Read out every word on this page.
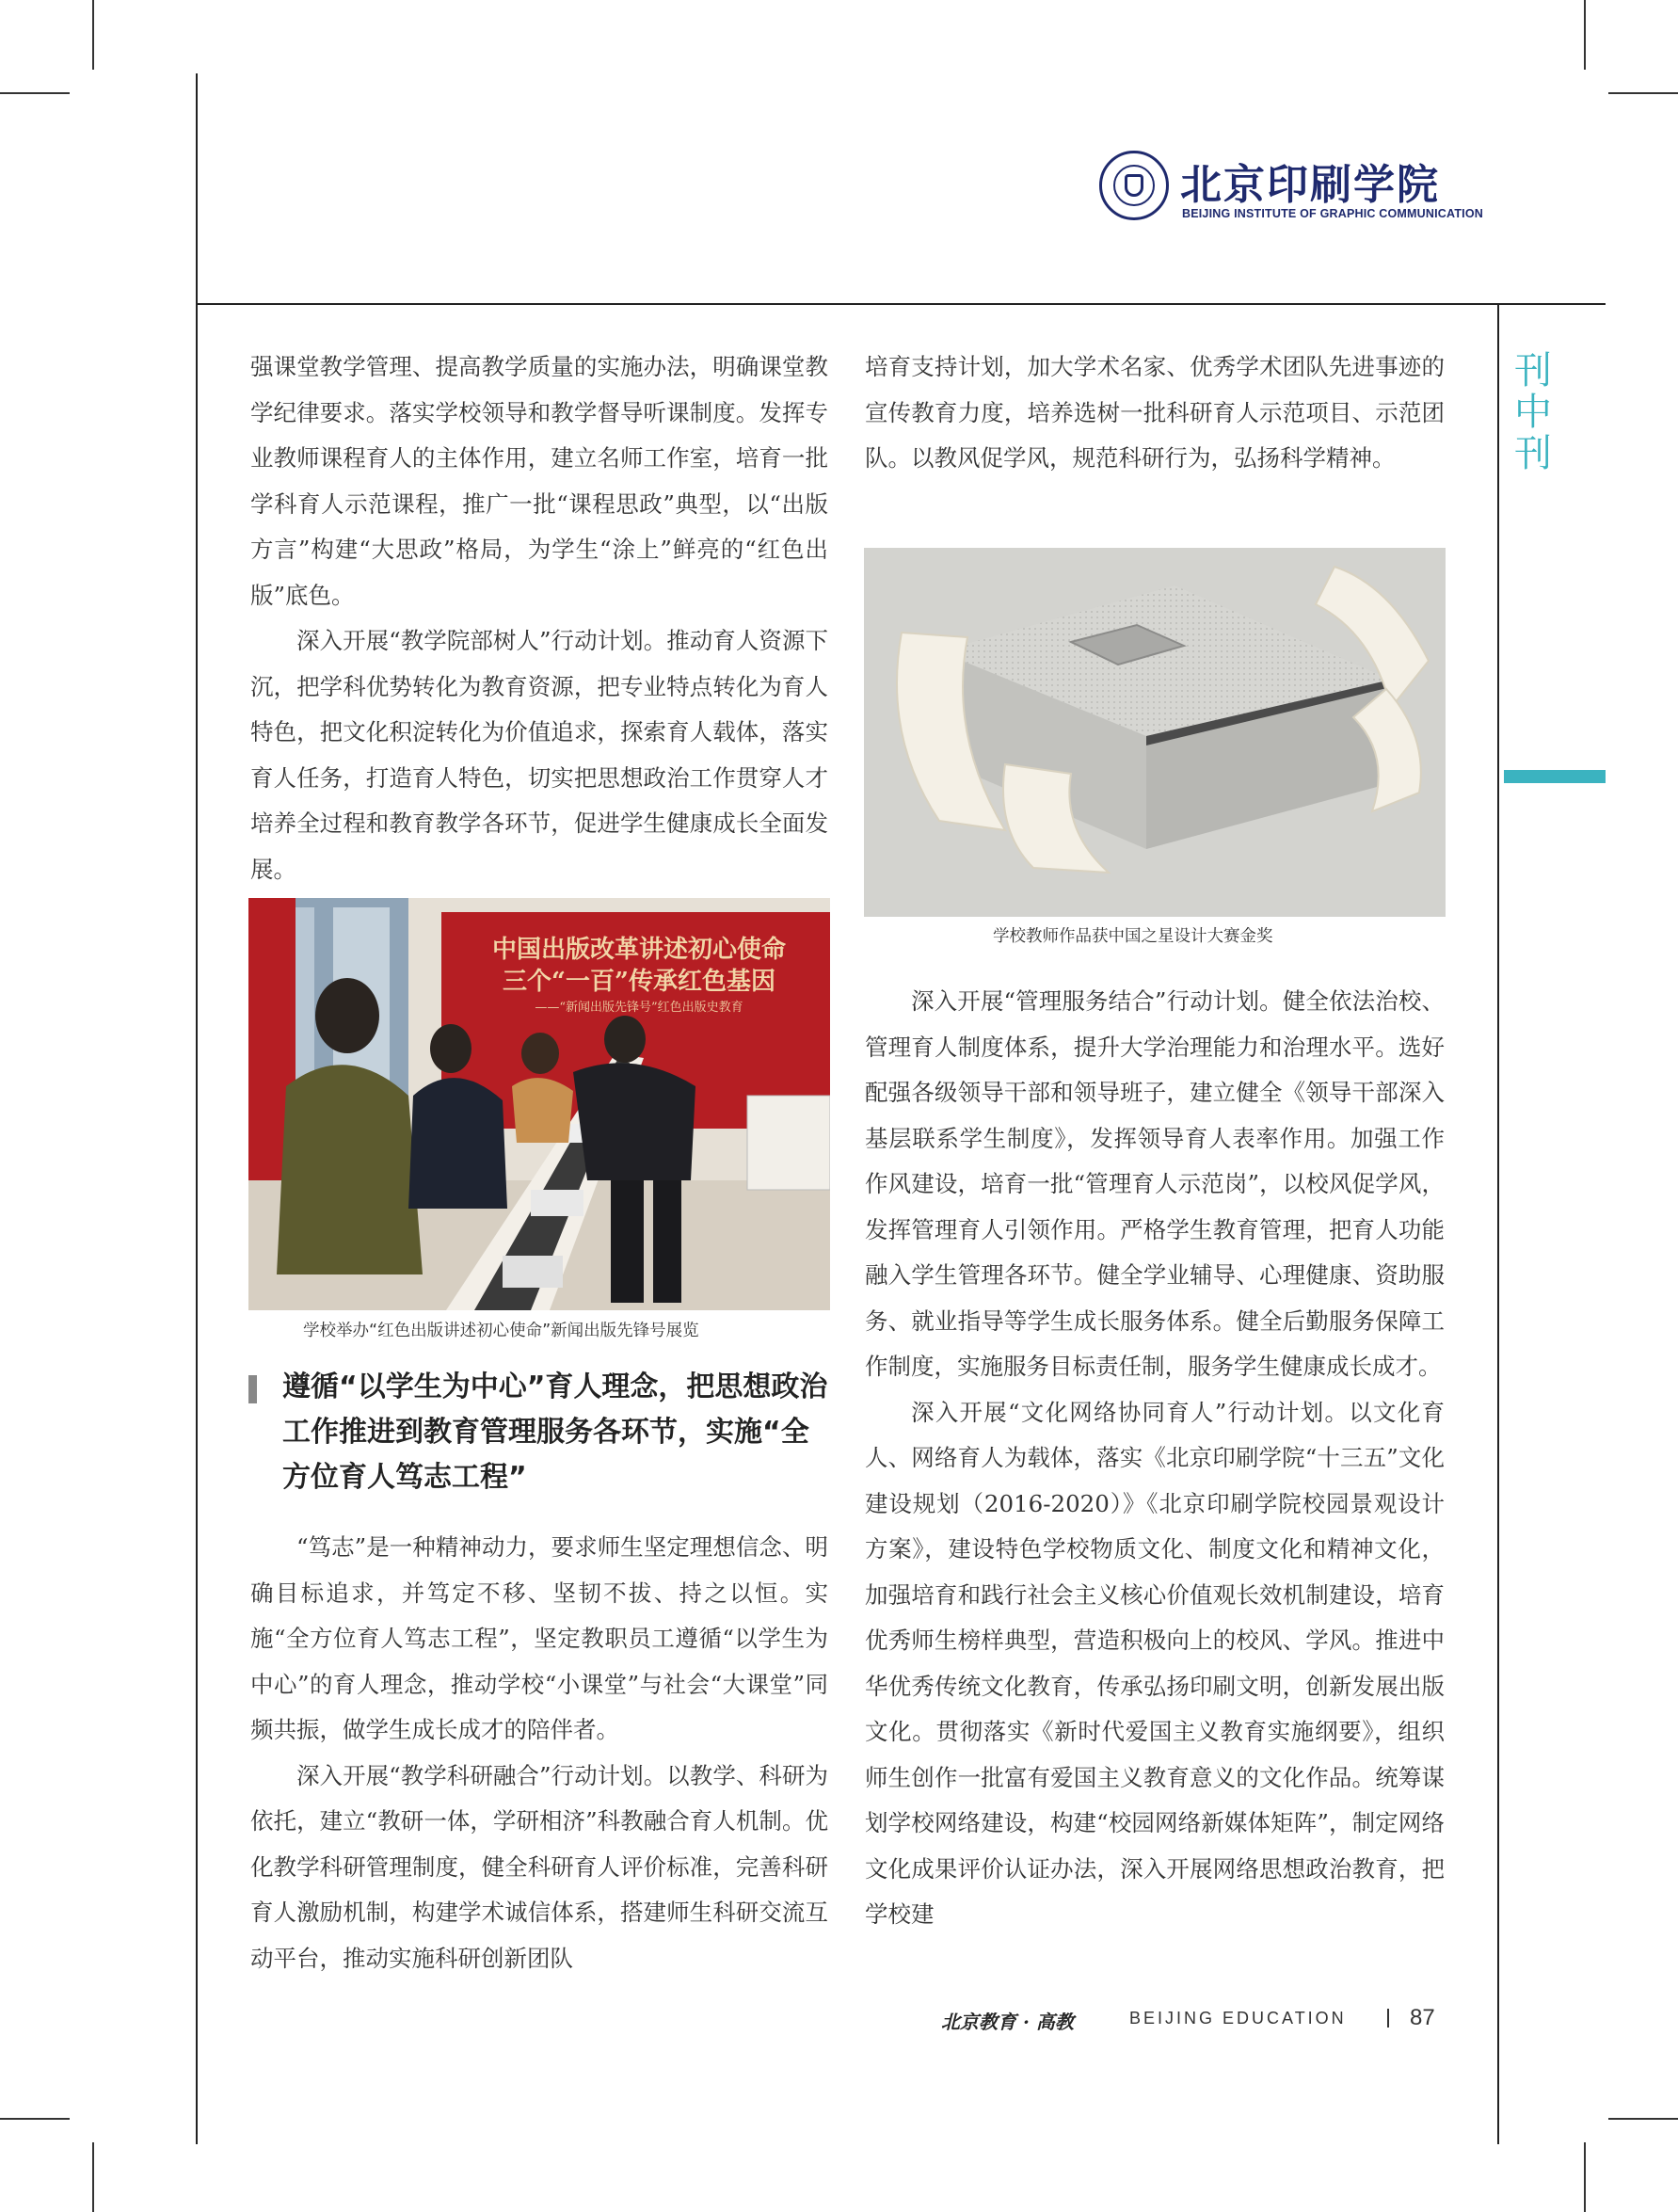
北京印刷学院
BEIJING INSTITUTE OF GRAPHIC COMMUNICATION
刊中刊

强课堂教学管理、提高教学质量的实施办法，明确课堂教学纪律要求。落实学校领导和教学督导听课制度。发挥专业教师课程育人的主体作用，建立名师工作室，培育一批学科育人示范课程，推广一批“课程思政”典型，以“出版方言”构建“大思政”格局，为学生“涂上”鲜亮的“红色出版”底色。

深入开展“教学院部树人”行动计划。推动育人资源下沉，把学科优势转化为教育资源，把专业特点转化为育人特色，把文化积淀转化为价值追求，探索育人载体，落实育人任务，打造育人特色，切实把思想政治工作贯穿人才培养全过程和教育教学各环节，促进学生健康成长全面发展。

中国出版改革讲述初心使命
三个“一百”传承红色基因
——“新闻出版先锋号”红色出版史教育
学校举办“红色出版讲述初心使命”新闻出版先锋号展览
遵循“以学生为中心”育人理念，把思想政治工作推进到教育管理服务各环节，实施“全方位育人笃志工程”

“笃志”是一种精神动力，要求师生坚定理想信念、明确目标追求，并笃定不移、坚韧不拔、持之以恒。实施“全方位育人笃志工程”，坚定教职员工遵循“以学生为中心”的育人理念，推动学校“小课堂”与社会“大课堂”同频共振，做学生成长成才的陪伴者。

深入开展“教学科研融合”行动计划。以教学、科研为依托，建立“教研一体，学研相济”科教融合育人机制。优化教学科研管理制度，健全科研育人评价标准，完善科研育人激励机制，构建学术诚信体系，搭建师生科研交流互动平台，推动实施科研创新团队

培育支持计划，加大学术名家、优秀学术团队先进事迹的宣传教育力度，培养选树一批科研育人示范项目、示范团队。以教风促学风，规范科研行为，弘扬科学精神。

学校教师作品获中国之星设计大赛金奖

深入开展“管理服务结合”行动计划。健全依法治校、管理育人制度体系，提升大学治理能力和治理水平。选好配强各级领导干部和领导班子，建立健全《领导干部深入基层联系学生制度》，发挥领导育人表率作用。加强工作作风建设，培育一批“管理育人示范岗”，以校风促学风，发挥管理育人引领作用。严格学生教育管理，把育人功能融入学生管理各环节。健全学业辅导、心理健康、资助服务、就业指导等学生成长服务体系。健全后勤服务保障工作制度，实施服务目标责任制，服务学生健康成长成才。

深入开展“文化网络协同育人”行动计划。以文化育人、网络育人为载体，落实《北京印刷学院“十三五”文化建设规划（2016-2020）》《北京印刷学院校园景观设计方案》，建设特色学校物质文化、制度文化和精神文化，加强培育和践行社会主义核心价值观长效机制建设，培育优秀师生榜样典型，营造积极向上的校风、学风。推进中华优秀传统文化教育，传承弘扬印刷文明，创新发展出版文化。贯彻落实《新时代爱国主义教育实施纲要》，组织师生创作一批富有爱国主义教育意义的文化作品。统筹谋划学校网络建设，构建“校园网络新媒体矩阵”，制定网络文化成果评价认证办法，深入开展网络思想政治教育，把学校建

北京教育 · 高教	BEIJING EDUCATION	87
